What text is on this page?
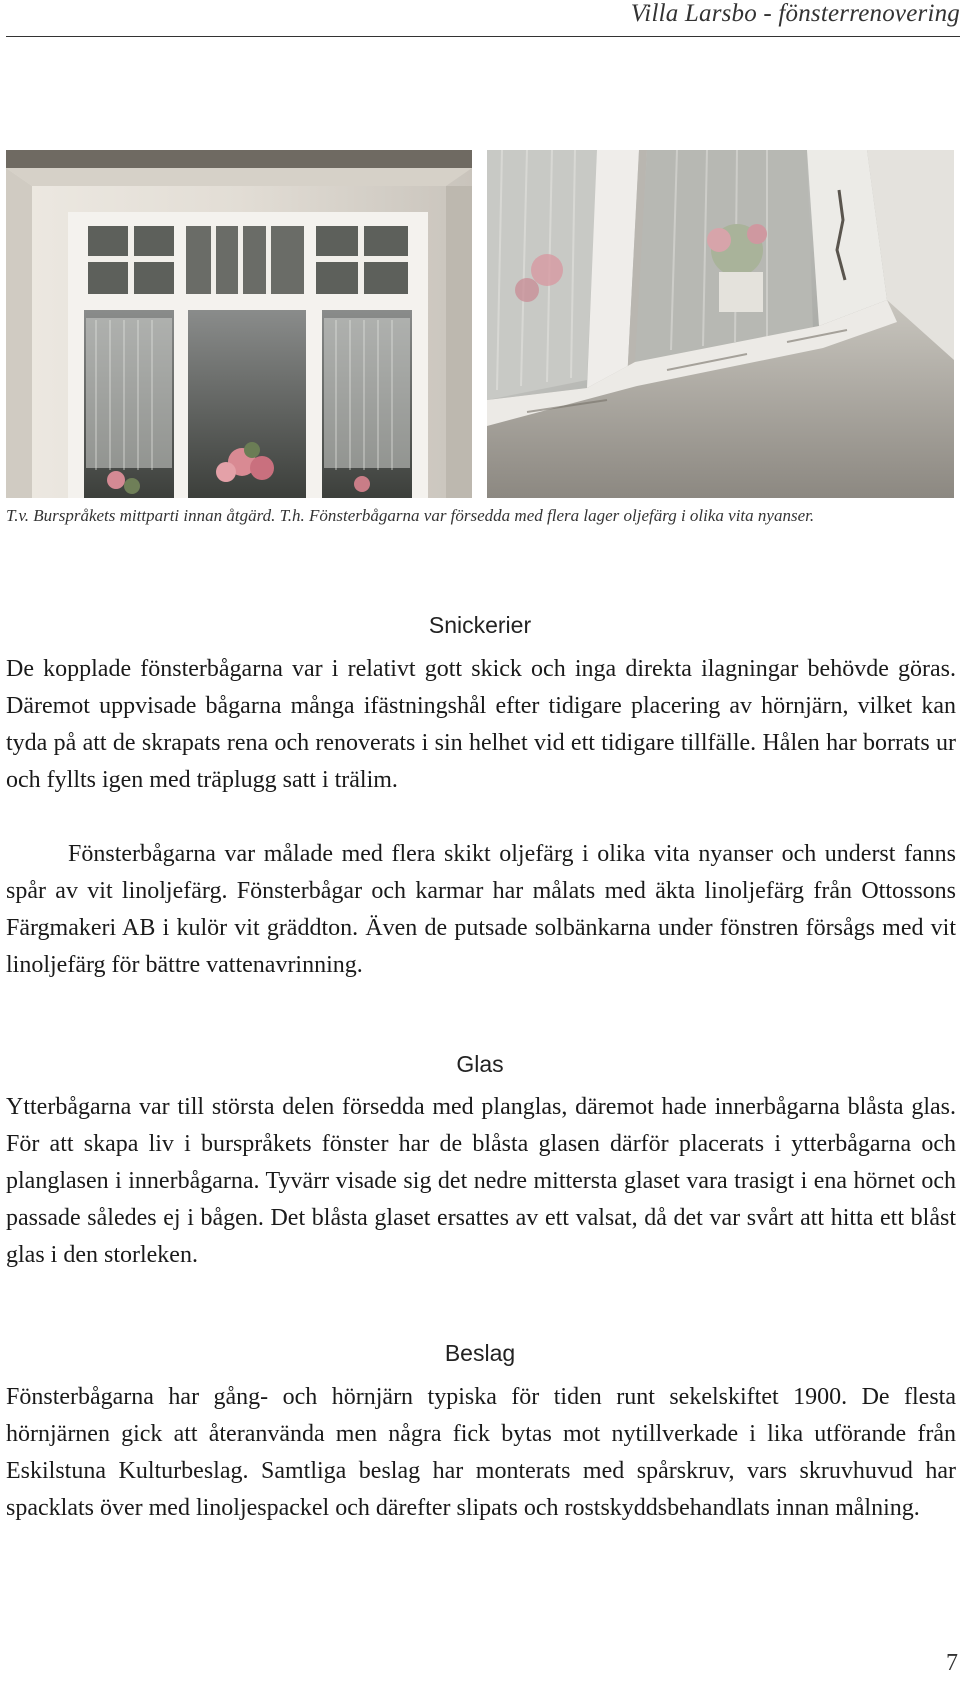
Villa Larsbo - fönsterrenovering
T.v. Burspråkets mittparti innan åtgärd. T.h. Fönsterbågarna var försedda med flera lager oljefärg i olika vita nyanser.
Snickerier

De kopplade fönsterbågarna var i relativt gott skick och inga direkta ilagningar behövde göras. Däremot uppvisade bågarna många ifästningshål efter tidigare placering av hörnjärn, vilket kan tyda på att de skrapats rena och renoverats i sin helhet vid ett tidigare tillfälle. Hålen har borrats ur och fyllts igen med träplugg satt i trälim.

Fönsterbågarna var målade med flera skikt oljefärg i olika vita nyanser och underst fanns spår av vit linoljefärg. Fönsterbågar och karmar har målats med äkta linoljefärg från Ottossons Färgmakeri AB i kulör vit gräddton. Även de putsade solbänkarna under fönstren försågs med vit linoljefärg för bättre vattenavrinning.

Glas

Ytterbågarna var till största delen försedda med planglas, däremot hade innerbågarna blåsta glas. För att skapa liv i burspråkets fönster har de blåsta glasen därför placerats i ytterbågarna och planglasen i innerbågarna. Tyvärr visade sig det nedre mittersta glaset vara trasigt i ena hörnet och passade således ej i bågen. Det blåsta glaset ersattes av ett valsat, då det var svårt att hitta ett blåst glas i den storleken.

Beslag

Fönsterbågarna har gång- och hörnjärn typiska för tiden runt sekelskiftet 1900. De flesta hörnjärnen gick att återanvända men några fick bytas mot nytillverkade i lika utförande från Eskilstuna Kulturbeslag. Samtliga beslag har monterats med spårskruv, vars skruvhuvud har spacklats över med linoljespackel och därefter slipats och rostskyddsbehandlats innan målning.

7
